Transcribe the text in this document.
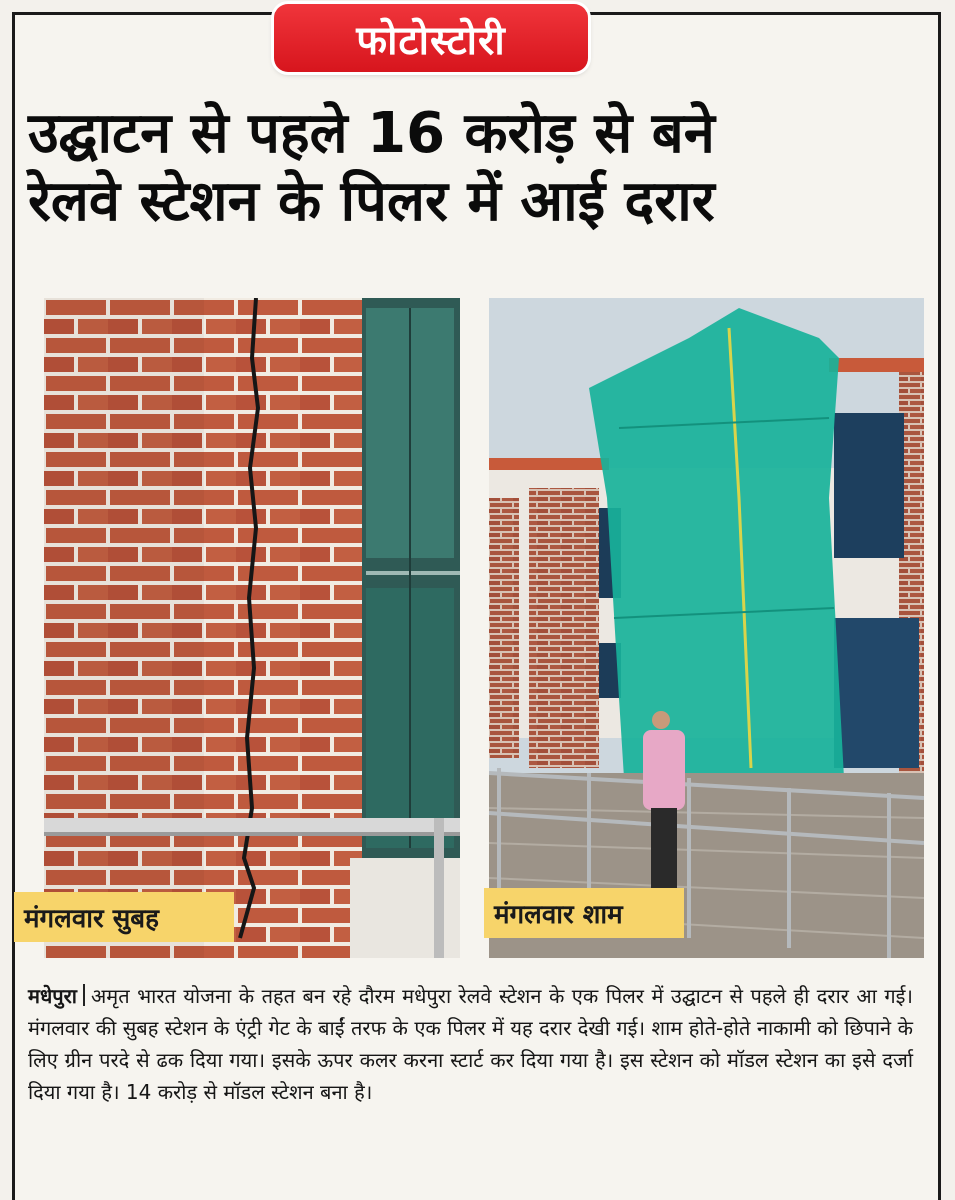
फोटोस्टोरी
उद्घाटन से पहले 16 करोड़ से बने
रेलवे स्टेशन के पिलर में आई दरार
मंगलवार सुबह	मंगलवार शाम
मधेपुरा अमृत भारत योजना के तहत बन रहे दौरम मधेपुरा रेलवे स्टेशन के एक पिलर में उद्घाटन से पहले ही दरार आ गई। मंगलवार की सुबह स्टेशन के एंट्री गेट के बाईं तरफ के एक पिलर में यह दरार देखी गई। शाम होते-होते नाकामी को छिपाने के लिए ग्रीन परदे से ढक दिया गया। इसके ऊपर कलर करना स्टार्ट कर दिया गया है। इस स्टेशन को मॉडल स्टेशन का इसे दर्जा दिया गया है। 14 करोड़ से मॉडल स्टेशन बना है।
